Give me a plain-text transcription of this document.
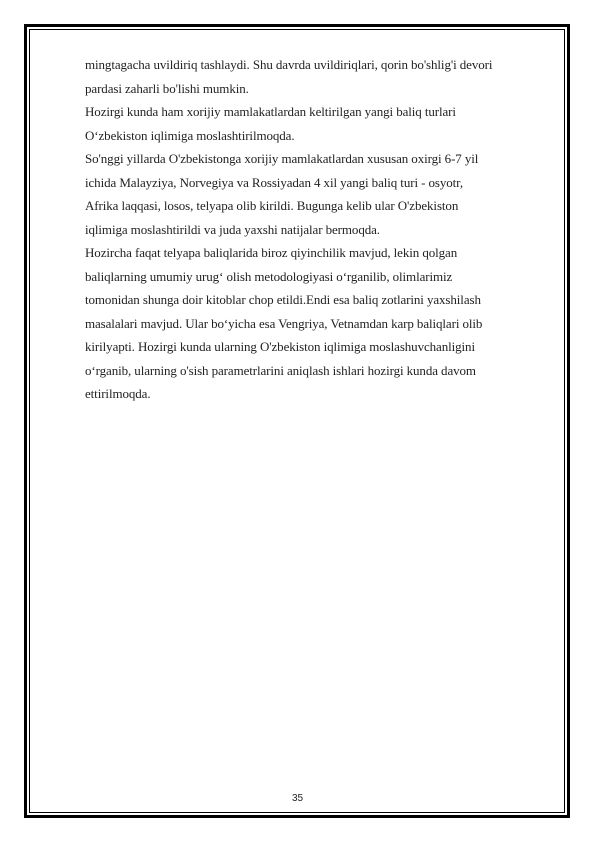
mingtagacha uvildiriq tashlaydi. Shu davrda uvildiriqlari, qorin bo'shlig'i devori
pardasi zaharli bo'lishi mumkin.
Hozirgi kunda ham xorijiy mamlakatlardan keltirilgan yangi baliq turlari
O‘zbekiston iqlimiga moslashtirilmoqda.
So'nggi yillarda O'zbekistonga xorijiy mamlakatlardan xususan oxirgi 6-7 yil
ichida Malayziya, Norvegiya va Rossiyadan 4 xil yangi baliq turi - osyotr,
Afrika laqqasi, losos, telyapa olib kirildi. Bugunga kelib ular O'zbekiston
iqlimiga moslashtirildi va juda yaxshi natijalar bermoqda.
Hozircha faqat telyapa baliqlarida biroz qiyinchilik mavjud, lekin qolgan
baliqlarning umumiy urug‘ olish metodologiyasi o‘rganilib, olimlarimiz
tomonidan shunga doir kitoblar chop etildi.Endi esa baliq zotlarini yaxshilash
masalalari mavjud. Ular bo‘yicha esa Vengriya, Vetnamdan karp baliqlari olib
kirilyapti. Hozirgi kunda ularning O'zbekiston iqlimiga moslashuvchanligini
o‘rganib, ularning o'sish parametrlarini aniqlash ishlari hozirgi kunda davom
ettirilmoqda.
35
